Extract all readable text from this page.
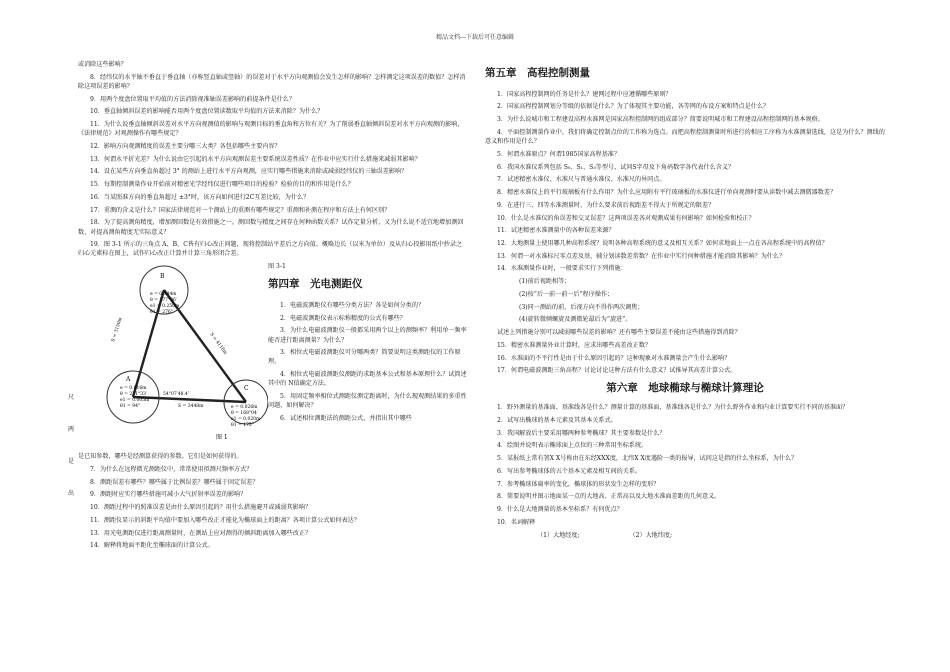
精品文档---下载后可任意编辑

或消除这些影响？

8．经纬仪的水平轴不垂直于垂直轴（亦称竖直轴或竖轴）的误差对于水平方向观测值会发生怎样的影响？怎样测定这项误差的数值？怎样消除这项误差的影响？

9．用两个度盘位置取平均值的方法消除视准轴误差影响的前提条件是什么？

10．垂直轴倾斜误差的影响能否用两个度盘位置读数取平均值的方法来消除？为什么？

11．为什么说垂直轴倾斜误差对水平方向观测值的影响与观测目标的垂直角和方位有关？为了削弱垂直轴倾斜误差对水平方向观测的影响，《法律规范》对观测操作有哪些规定？

12．影响方向观测精度的误差主要分哪三大类？各包括哪些主要内容？

13．何谓水平折光差？为什么说由它引起的水平方向观测误差主要系统误差性质？在作业中应实行什么措施来减弱其影响？

14．设在某些方向垂直角超过 3° 的测站上进行水平方向观测，应实行哪些措施来消除或减弱经纬仪的三轴误差影响？

15．每期控制测量作业开始前对精密光学经纬仪进行哪些项目的检验？检验的目的和作用是什么？

16．当某照准方向的垂直角超过 ±3°时，该方向如何进行2C互差比较，为什么？

17．重测的含义是什么？国家法律规范对一个测站上的重测有哪些规定？重测和补测在程序和方法上有何区别？

18．为了提高测角精度，增加测回数是有效措施之一。测回数与精度之间存在何种函数关系？试作定量分析，又为什么说不适宜地增加测回数，对提高测角精度无实际意义？

19．图 3-1 所示的三角点 A、B、C皆有归心改正问题，现将控制站平差后之方向值、概略边长（以米为单位）及从归心投影用纸中抄录之归心元素标在图上，试作归心改正计算并计算三角形闭合差。

B
e = 0.144m
θ = 177°06′
e1 = 0.250m
θ1 = 276°
S = 3150m
S = 4118m
A
e = 0.016m
θ = 271°33′
e1 = 0.005m
θ1 = 94°
C
e = 0.026m
θ = 168°04′
e1 = 0.020m
θ1 = 175°
54°07′48.4″
S = 3448m
图 1

图 3-1

第四章　光电测距仪

1．电磁波测距仪有哪些分类方法？各是如何分类的？

2．电磁波测距仪表示标称精度的公式有哪些？

3．为什么电磁波测距仪一般都采用两个以上的测频率？利用单一频率能否进行距离测量？为什么？

3．相位式电磁波测距仪可分哪两类？简要说明这类测距仪的工作原理。

4．相位式电磁波测距仪测距的求距基本公式和基本原理什么？试简述其中的 N值确定方法。

5．用固定频率相位式测距仪测定距离时，为什么现观测结果的多重性问题，如何解决？

6．试述相位测距法的测距公式，并指出其中哪些

是已知参数，哪些是经测算获得的参数。它们是如何获得的。

7．为什么在远程微光测距仪中，常常使用拟测尺频率方式？

8．测距误差有哪些？哪些属于比例误差？哪些属于固定误差？

9．测距时应实行哪些措施可减小大气折射率误差的影响？

10．测距过程中的照准误差是由什么原因引起的？用什么措施避开或减弱其影响？

11．测距仪显示的斜距平均值中要加入哪些改正才能化为椭球面上的距离？各项计算公式如何表达？

13．用光电测距仪进行距离测量时，在测站上应对测得的倾斜距离加入哪些改正？

14．解释将地面平距化至椭球面的计算公式。

尺
两
是
出
第五章　高程控制测量

1．国家高程控制网的任务是什么？建网过程中应遵循哪些原则？

2．国家高程控制网划分等级的依据是什么？为了体现其主要功能，各等网的布设方案和特点是什么？

3．为什么说城市和工程建设高程水准网是国家高程控制网的组成部分？简要说明城市和工程建设高程控制网的基本规格。

4．平面控制测量作业中，我们将确定控制点位的工作称为选点。而把高程控制测量时所进行的相应工序称为水准测量选线，这是为什么？测线的意义和作用是什么？

5．何谓水准原点？何谓1985国家高程基准？

6．我国水准仪系列包括 S₀、S₁、S₃等型号，试问S字母及下角码数字各代表什么含义？

7．试述精密水准仪、水准尺与普通水准仪、水准尺的异同点。

8．精密水准仪上的平行玻璃板有什么作用？为什么应用附有平行玻璃板的水准仪进行单向观测时要从读数中减去测微器数差？

9．在进行三、四等水准测量时，为什么要求前后视距差不得大于所规定的限差？

10．什么是水准仪的角误差和交叉误差？这两项误差各对观测成果有何影响？如何检验和校正？

11．试述精密水准测量中的各种误差来源？

12．大地测量上使用哪几种高程系统？说明各种高程系统的意义及相互关系？如何求地面上一点在各高程系统中的高程值？

13．何谓一对水准标尺零点差及基、辅分划读数差常数？在作业中实行何种措施才能消除其影响？为什么？

14．水准测量作业时，一般要求实行下列措施：

(1)前后视距相等；

(2)按“后一前一前一后”程序操作；

(3)同一测站的前、后视方向不得作两次调焦；

(4)旋转微倾螺旋及测微轮最后为“旋进”。

试述上列措施分别可以减弱哪些误差的影响？还有哪些主要误差不能由这些措施得到消除？

15．精密水准测量外业计算时，应求出哪些高差改正数？

16．水准面的不平行性是由于什么原因引起的？这种现象对水准测量会产生什么影响？

17．何谓电磁波测距三角高程？讨论讨论这种方法有什么意义？试推导其高差计算公式。

第六章　地球椭球与椭球计算理论

1．野外测量的基准面、基准线各是什么？测量计算的基准面、基准线各是什么？为什么野外作业和内业计算要实行不同的基准面？

2．试写出椭球的基本元素及其基本关系式。

3．我国解放后主要采用哪两种参考椭球？其主要参数是什么？

4．绘图并说明表示椭球面上点位的三种常用坐标系统。

5．某报纸上常有署X X号称由在东经XXX度，北纬X X度遇险一类的报导，试问这是指的什么坐标系，为什么？

6．写出参考椭球体的五个基本元素及相互间的关系。

7．参考椭球体扁率的变化，椭球体的形状发生怎样的变形？

8．简要说明并图示地面某一点的大地高、正常高以及大地水准面差距的几何意义。

9．什么是大地测量的基本坐标系？有何优点？

10．名词解释

（1）大地经度;	（2）大地纬度;
